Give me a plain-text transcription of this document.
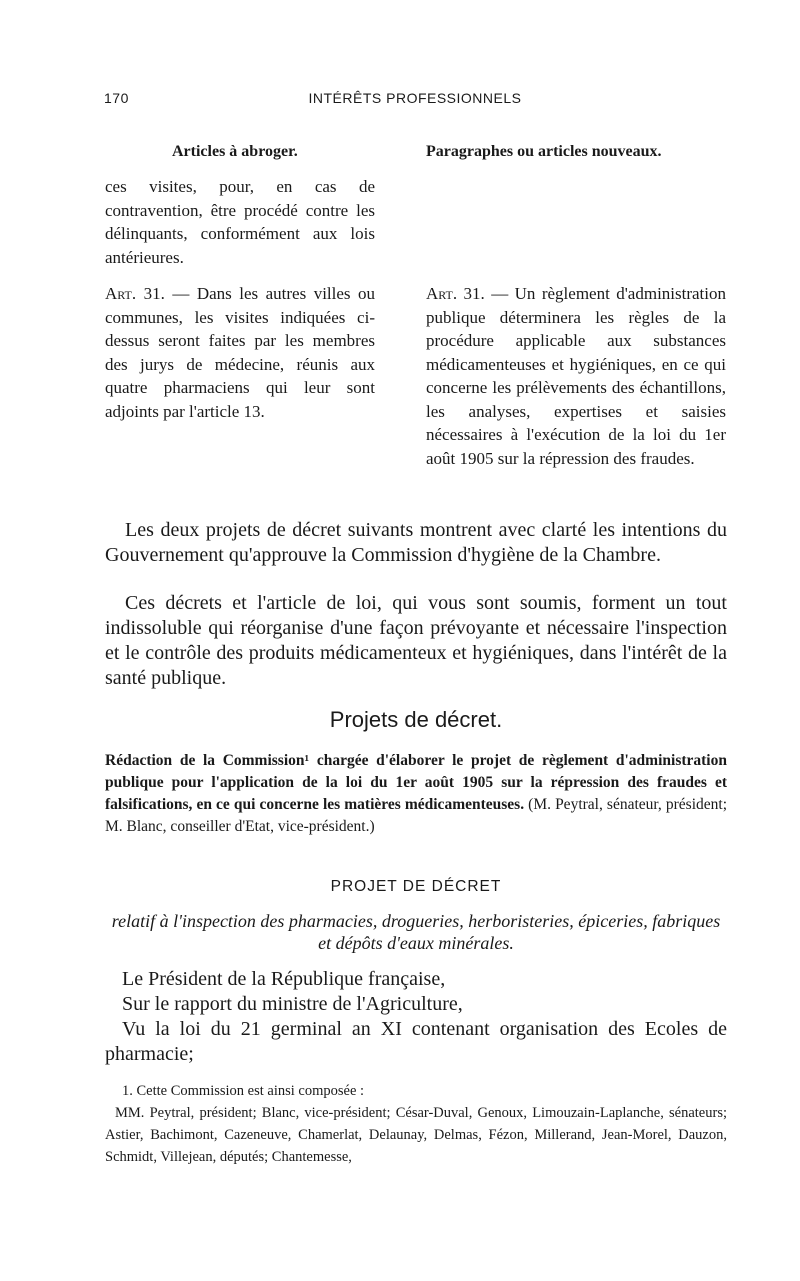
170	INTÉRÊTS PROFESSIONNELS
Articles à abroger.	Paragraphes ou articles nouveaux.
ces visites, pour, en cas de contravention, être procédé contre les délinquants, conformément aux lois antérieures.
Art. 31. — Dans les autres villes ou communes, les visites indiquées ci-dessus seront faites par les membres des jurys de médecine, réunis aux quatre pharmaciens qui leur sont adjoints par l'article 13.
Art. 31. — Un règlement d'administration publique déterminera les règles de la procédure applicable aux substances médicamenteuses et hygiéniques, en ce qui concerne les prélèvements des échantillons, les analyses, expertises et saisies nécessaires à l'exécution de la loi du 1er août 1905 sur la répression des fraudes.
Les deux projets de décret suivants montrent avec clarté les intentions du Gouvernement qu'approuve la Commission d'hygiène de la Chambre.
Ces décrets et l'article de loi, qui vous sont soumis, forment un tout indissoluble qui réorganise d'une façon prévoyante et nécessaire l'inspection et le contrôle des produits médicamenteux et hygiéniques, dans l'intérêt de la santé publique.
Projets de décret.
Rédaction de la Commission¹ chargée d'élaborer le projet de règlement d'administration publique pour l'application de la loi du 1er août 1905 sur la répression des fraudes et falsifications, en ce qui concerne les matières médicamenteuses. (M. Peytral, sénateur, président; M. Blanc, conseiller d'Etat, vice-président.)
PROJET DE DÉCRET
relatif à l'inspection des pharmacies, drogueries, herboristeries, épiceries, fabriques et dépôts d'eaux minérales.
Le Président de la République française,
Sur le rapport du ministre de l'Agriculture,
Vu la loi du 21 germinal an XI contenant organisation des Ecoles de pharmacie;
1. Cette Commission est ainsi composée :
MM. Peytral, président; Blanc, vice-président; César-Duval, Genoux, Limouzain-Laplanche, sénateurs; Astier, Bachimont, Cazeneuve, Chamerlat, Delaunay, Delmas, Fézon, Millerand, Jean-Morel, Dauzon, Schmidt, Villejean, députés; Chantemesse,
